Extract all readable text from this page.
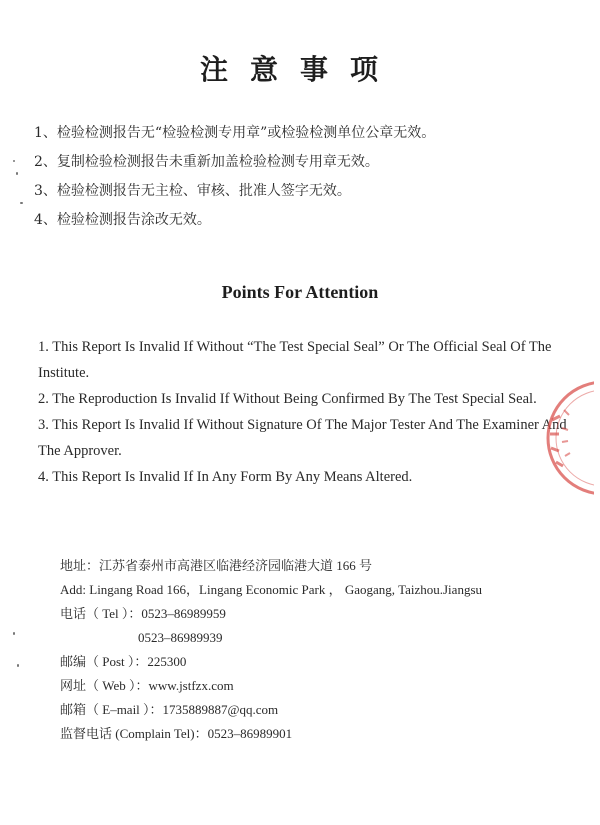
注意事项
1、检验检测报告无“检验检测专用章”或检验检测单位公章无效。
2、复制检验检测报告未重新加盖检验检测专用章无效。
3、检验检测报告无主检、审核、批准人签字无效。
4、检验检测报告涂改无效。
Points For Attention
1. This Report Is Invalid If Without “The Test Special Seal” Or The Official Seal Of The Institute.
2. The Reproduction Is Invalid If Without Being Confirmed By The Test Special Seal.
3. This Report Is Invalid If Without Signature Of The Major Tester And The Examiner And The Approver.
4. This Report Is Invalid If In Any Form By Any Means Altered.
地址：江苏省泰州市高港区临港经济园临港大道 166 号
Add: Lingang Road 166，Lingang Economic Park ， Gaogang, Taizhou.Jiangsu
电话（ Tel ）：0523–86989959
0523–86989939
邮编（ Post ）：225300
网址（ Web ）：www.jstfzx.com
邮箱（ E–mail ）：1735889887@qq.com
监督电话 (Complain Tel)：0523–86989901
